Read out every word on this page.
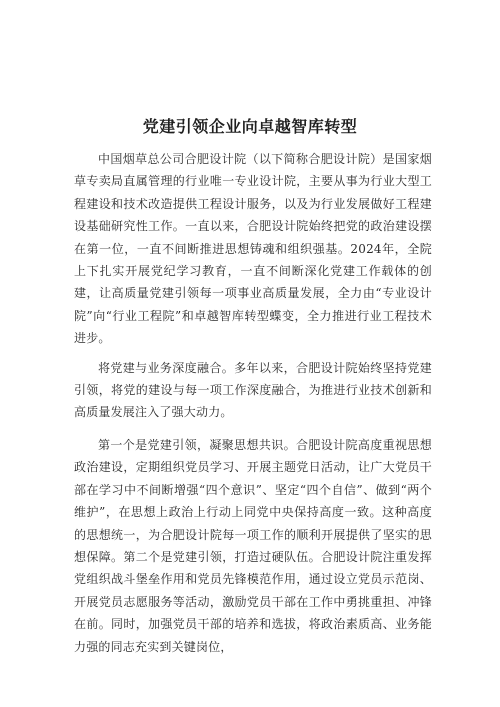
党建引领企业向卓越智库转型

中国烟草总公司合肥设计院（以下简称合肥设计院）是国家烟草专卖局直属管理的行业唯一专业设计院，主要从事为行业大型工程建设和技术改造提供工程设计服务，以及为行业发展做好工程建设基础研究性工作。一直以来，合肥设计院始终把党的政治建设摆在第一位，一直不间断推进思想铸魂和组织强基。2024年，全院上下扎实开展党纪学习教育，一直不间断深化党建工作载体的创建，让高质量党建引领每一项事业高质量发展，全力由“专业设计院”向“行业工程院”和卓越智库转型蝶变，全力推进行业工程技术进步。

将党建与业务深度融合。多年以来，合肥设计院始终坚持党建引领，将党的建设与每一项工作深度融合，为推进行业技术创新和高质量发展注入了强大动力。

第一个是党建引领，凝聚思想共识。合肥设计院高度重视思想政治建设，定期组织党员学习、开展主题党日活动，让广大党员干部在学习中不间断增强“四个意识”、坚定“四个自信”、做到“两个维护”，在思想上政治上行动上同党中央保持高度一致。这种高度的思想统一，为合肥设计院每一项工作的顺利开展提供了坚实的思想保障。第二个是党建引领，打造过硬队伍。合肥设计院注重发挥党组织战斗堡垒作用和党员先锋模范作用，通过设立党员示范岗、开展党员志愿服务等活动，激励党员干部在工作中勇挑重担、冲锋在前。同时，加强党员干部的培养和选拔，将政治素质高、业务能力强的同志充实到关键岗位，
